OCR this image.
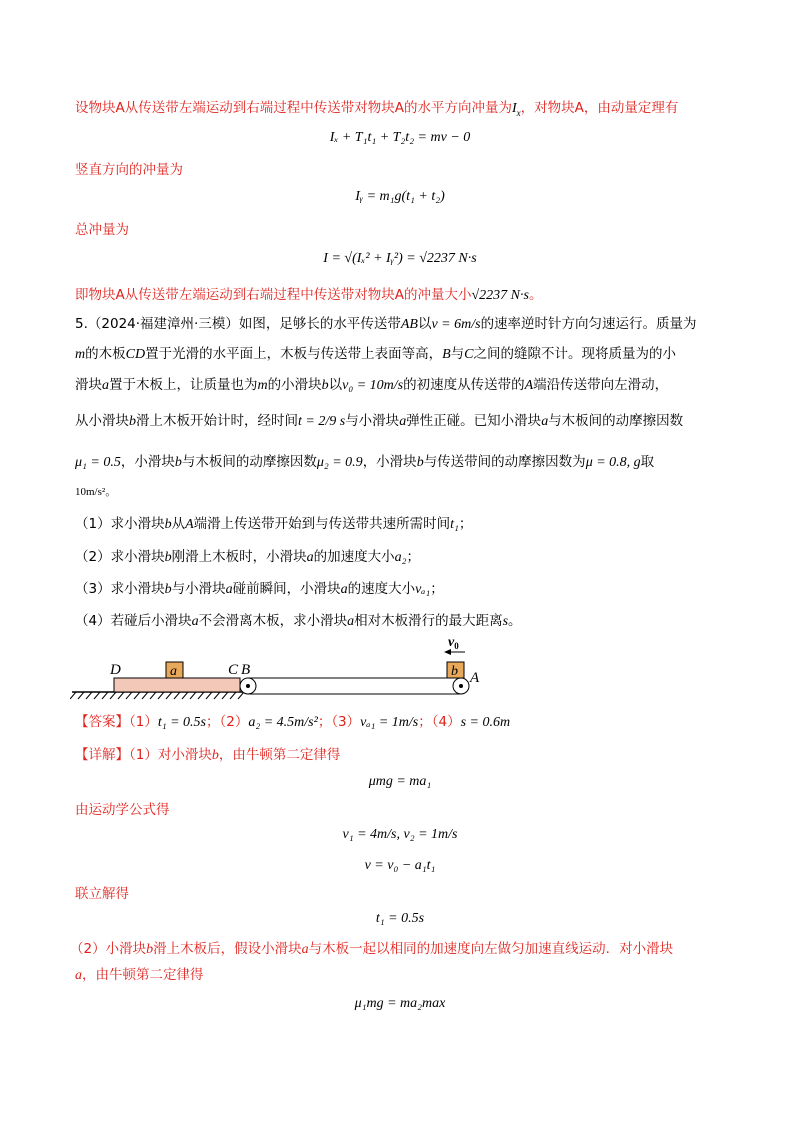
设物块A从传送带左端运动到右端过程中传送带对物块A的水平方向冲量为$I_x$，对物块A，由动量定理有
Iₓ + T₁t₁ + T₂t₂ = mv − 0
竖直方向的冲量为
Iᵧ = m₁g(t₁ + t₂)
总冲量为
I = √(Iₓ² + Iᵧ²) = √2237 N·s
即物块A从传送带左端运动到右端过程中传送带对物块A的冲量大小√2237 N·s。
5.（2024·福建漳州·三模）如图，足够长的水平传送带AB以v = 6m/s的速率逆时针方向匀速运行。质量为
m的木板CD置于光滑的水平面上，木板与传送带上表面等高，B与C之间的缝隙不计。现将质量为的小
滑块a置于木板上，让质量也为m的小滑块b以v₀ = 10m/s的初速度从传送带的A端沿传送带向左滑动，
从小滑块b滑上木板开始计时，经时间t = 2/9 s与小滑块a弹性正碰。已知小滑块a与木板间的动摩擦因数
μ₁ = 0.5，小滑块b与木板间的动摩擦因数μ₂ = 0.9，小滑块b与传送带间的动摩擦因数为μ = 0.8, g取
10m/s²。
（1）求小滑块b从A端滑上传送带开始到与传送带共速所需时间t₁；
（2）求小滑块b刚滑上木板时，小滑块a的加速度大小a₂；
（3）求小滑块b与小滑块a碰前瞬间，小滑块a的速度大小vₐ₁；
（4）若碰后小滑块a不会滑离木板，求小滑块a相对木板滑行的最大距离s。
a	b
$v_0$
D	C B	A
【答案】（1）t₁ = 0.5s；（2）a₂ = 4.5m/s²；（3）vₐ₁ = 1m/s；（4）s = 0.6m
【详解】（1）对小滑块b，由牛顿第二定律得
μmg = ma₁
由运动学公式得
v₁ = 4m/s, v₂ = 1m/s
v = v₀ − a₁t₁
联立解得
t₁ = 0.5s
（2）小滑块b滑上木板后，假设小滑块a与木板一起以相同的加速度向左做匀加速直线运动．对小滑块
a，由牛顿第二定律得
μ₁mg = ma₂max
